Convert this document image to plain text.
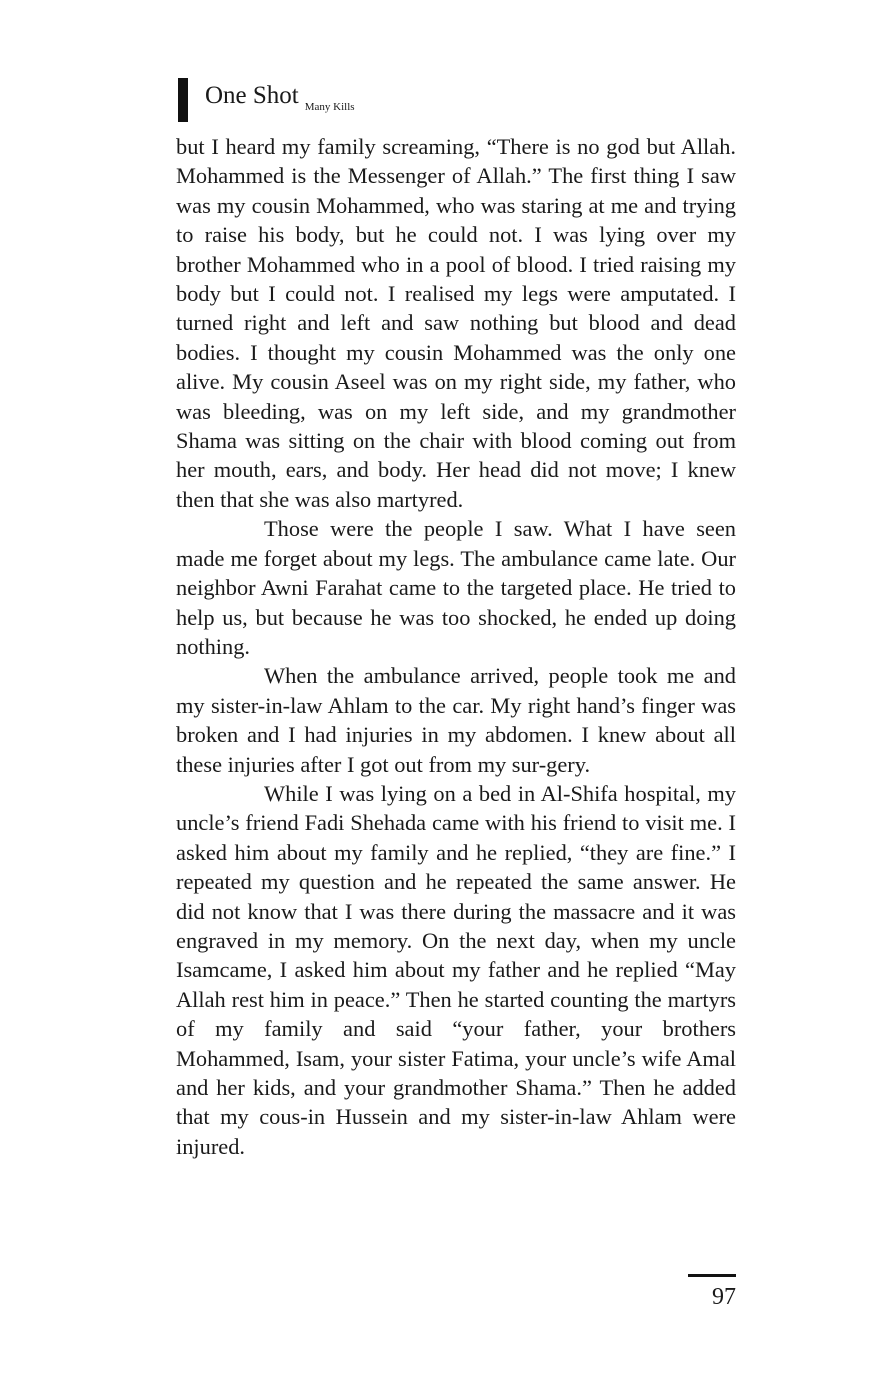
One Shot Many Kills

but I heard my family screaming, “There is no god but Allah. Mohammed is the Messenger of Allah.” The first thing I saw was my cousin Mohammed, who was staring at me and trying to raise his body, but he could not. I was lying over my brother Mohammed who in a pool of blood. I tried raising my body but I could not. I realised my legs were amputated. I turned right and left and saw nothing but blood and dead bodies. I thought my cousin Mohammed was the only one alive. My cousin Aseel was on my right side, my father, who was bleeding, was on my left side, and my grandmother Shama was sitting on the chair with blood coming out from her mouth, ears, and body. Her head did not move; I knew then that she was also martyred.

Those were the people I saw. What I have seen made me forget about my legs. The ambulance came late. Our neighbor Awni Farahat came to the targeted place. He tried to help us, but because he was too shocked, he ended up doing nothing.

When the ambulance arrived, people took me and my sister-in-law Ahlam to the car. My right hand’s finger was broken and I had injuries in my abdomen. I knew about all these injuries after I got out from my sur-gery.

While I was lying on a bed in Al-Shifa hospital, my uncle’s friend Fadi Shehada came with his friend to visit me. I asked him about my family and he replied, “they are fine.” I repeated my question and he repeated the same answer. He did not know that I was there during the massacre and it was engraved in my memory. On the next day, when my uncle Isamcame, I asked him about my father and he replied “May Allah rest him in peace.” Then he started counting the martyrs of my family and said “your father, your brothers Mohammed, Isam, your sister Fatima, your uncle’s wife Amal and her kids, and your grandmother Shama.” Then he added that my cous-in Hussein and my sister-in-law Ahlam were injured.

97
